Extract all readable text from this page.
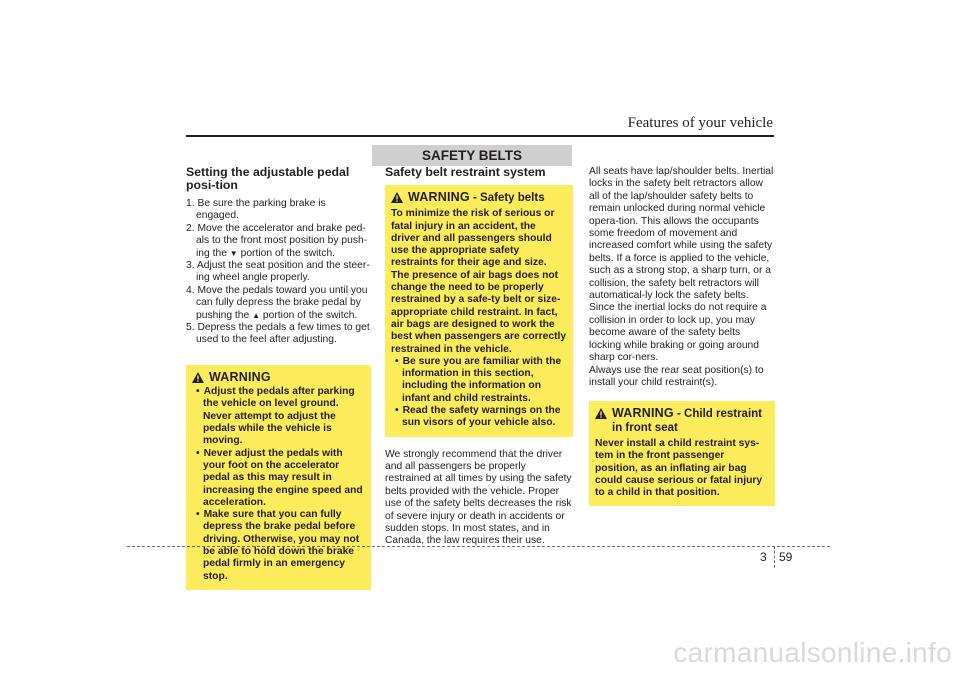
Features of your vehicle
SAFETY BELTS
Setting the adjustable pedal posi-tion
1. Be sure the parking brake is engaged.
2. Move the accelerator and brake ped-als to the front most position by push-ing the ▼ portion of the switch.
3. Adjust the seat position and the steer-ing wheel angle properly.
4. Move the pedals toward you until you can fully depress the brake pedal by pushing the ▲ portion of the switch.
5. Depress the pedals a few times to get used to the feel after adjusting.
WARNING
• Adjust the pedals after parking the vehicle on level ground. Never attempt to adjust the pedals while the vehicle is moving.
• Never adjust the pedals with your foot on the accelerator pedal as this may result in increasing the engine speed and acceleration.
• Make sure that you can fully depress the brake pedal before driving. Otherwise, you may not be able to hold down the brake pedal firmly in an emergency stop.
Safety belt restraint system
WARNING - Safety belts

To minimize the risk of serious or fatal injury in an accident, the driver and all passengers should use the appropriate safety restraints for their age and size. The presence of air bags does not change the need to be properly restrained by a safe-ty belt or size-appropriate child restraint. In fact, air bags are designed to work the best when passengers are correctly restrained in the vehicle.

• Be sure you are familiar with the information in this section, including the information on infant and child restraints.
• Read the safety warnings on the sun visors of your vehicle also.

We strongly recommend that the driver and all passengers be properly restrained at all times by using the safety belts provided with the vehicle. Proper use of the safety belts decreases the risk of severe injury or death in accidents or sudden stops. In most states, and in Canada, the law requires their use.

All seats have lap/shoulder belts. Inertial locks in the safety belt retractors allow all of the lap/shoulder safety belts to remain unlocked during normal vehicle opera-tion. This allows the occupants some freedom of movement and increased comfort while using the safety belts. If a force is applied to the vehicle, such as a strong stop, a sharp turn, or a collision, the safety belt retractors will automatical-ly lock the safety belts.

Since the inertial locks do not require a collision in order to lock up, you may become aware of the safety belts locking while braking or going around sharp cor-ners.

Always use the rear seat position(s) to install your child restraint(s).

WARNING - Child restraint in front seat

Never install a child restraint sys-tem in the front passenger position, as an inflating air bag could cause serious or fatal injury to a child in that position.

3 59
carmanualsonline.info
